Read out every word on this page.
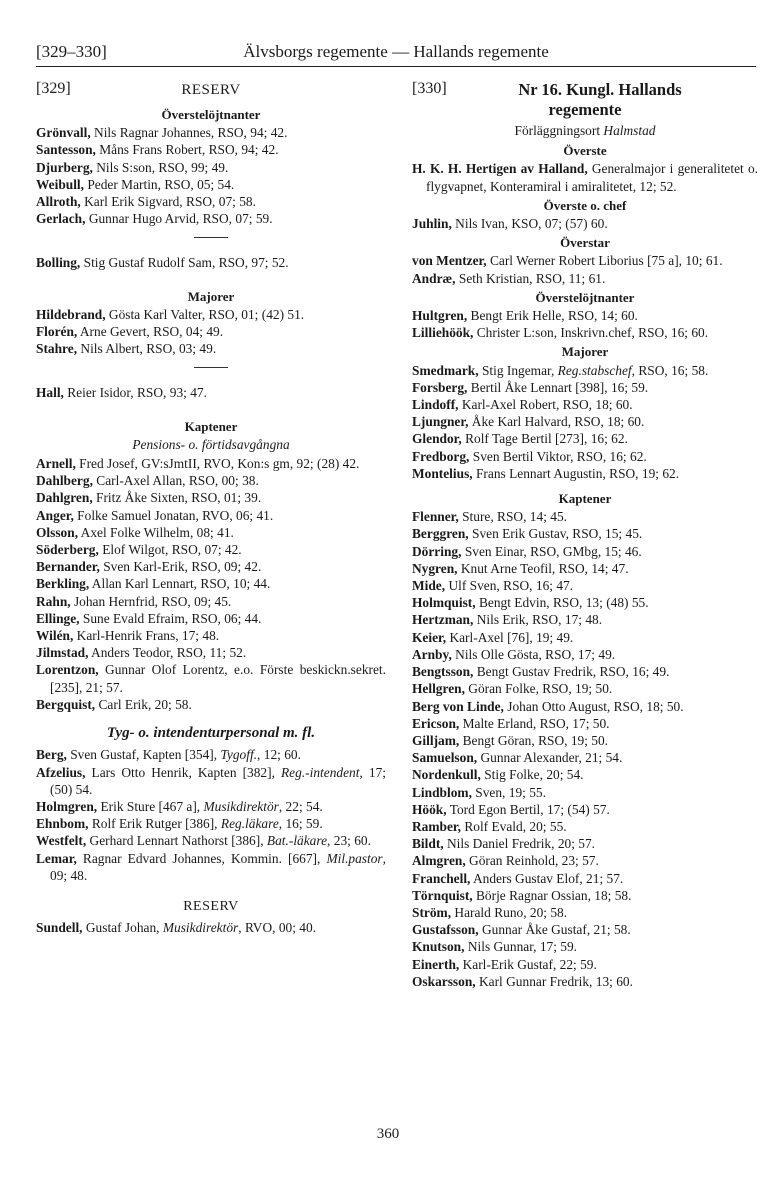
[329–330]	Älvsborgs regemente — Hallands regemente
[329]	RESERV
Överstelöjtnanter
Grönvall, Nils Ragnar Johannes, RSO, 94; 42.
Santesson, Måns Frans Robert, RSO, 94; 42.
Djurberg, Nils S:son, RSO, 99; 49.
Weibull, Peder Martin, RSO, 05; 54.
Allroth, Karl Erik Sigvard, RSO, 07; 58.
Gerlach, Gunnar Hugo Arvid, RSO, 07; 59.
Bolling, Stig Gustaf Rudolf Sam, RSO, 97; 52.
Majorer
Hildebrand, Gösta Karl Valter, RSO, 01; (42) 51.
Florén, Arne Gevert, RSO, 04; 49.
Stahre, Nils Albert, RSO, 03; 49.
Hall, Reier Isidor, RSO, 93; 47.
Kaptener
Pensions- o. förtidsavgångna
Arnell, Fred Josef, GV:sJmtII, RVO, Kon:s gm, 92; (28) 42.
Dahlberg, Carl-Axel Allan, RSO, 00; 38.
Dahlgren, Fritz Åke Sixten, RSO, 01; 39.
Anger, Folke Samuel Jonatan, RVO, 06; 41.
Olsson, Axel Folke Wilhelm, 08; 41.
Söderberg, Elof Wilgot, RSO, 07; 42.
Bernander, Sven Karl-Erik, RSO, 09; 42.
Berkling, Allan Karl Lennart, RSO, 10; 44.
Rahn, Johan Hernfrid, RSO, 09; 45.
Ellinge, Sune Evald Efraim, RSO, 06; 44.
Wilén, Karl-Henrik Frans, 17; 48.
Jilmstad, Anders Teodor, RSO, 11; 52.
Lorentzon, Gunnar Olof Lorentz, e.o. Förste beskickn.sekret. [235], 21; 57.
Bergquist, Carl Erik, 20; 58.
Tyg- o. intendenturpersonal m. fl.
Berg, Sven Gustaf, Kapten [354], Tygoff., 12; 60.
Afzelius, Lars Otto Henrik, Kapten [382], Reg.-intendent, 17; (50) 54.
Holmgren, Erik Sture [467 a], Musikdirektör, 22; 54.
Ehnbom, Rolf Erik Rutger [386], Reg.läkare, 16; 59.
Westfelt, Gerhard Lennart Nathorst [386], Bat.-läkare, 23; 60.
Lemar, Ragnar Edvard Johannes, Kommin. [667], Mil.pastor, 09; 48.
RESERV
Sundell, Gustaf Johan, Musikdirektör, RVO, 00; 40.
[330]	Nr 16. Kungl. Hallands
regemente
Förläggningsort Halmstad
Överste
H. K. H. Hertigen av Halland, Generalmajor i generalitetet o. flygvapnet, Konteramiral i amiralitetet, 12; 52.
Överste o. chef
Juhlin, Nils Ivan, KSO, 07; (57) 60.
Överstar
von Mentzer, Carl Werner Robert Liborius [75 a], 10; 61.
Andræ, Seth Kristian, RSO, 11; 61.
Överstelöjtnanter
Hultgren, Bengt Erik Helle, RSO, 14; 60.
Lilliehöök, Christer L:son, Inskrivn.chef, RSO, 16; 60.
Majorer
Smedmark, Stig Ingemar, Reg.stabschef, RSO, 16; 58.
Forsberg, Bertil Åke Lennart [398], 16; 59.
Lindoff, Karl-Axel Robert, RSO, 18; 60.
Ljungner, Åke Karl Halvard, RSO, 18; 60.
Glendor, Rolf Tage Bertil [273], 16; 62.
Fredborg, Sven Bertil Viktor, RSO, 16; 62.
Montelius, Frans Lennart Augustin, RSO, 19; 62.
Kaptener
Flenner, Sture, RSO, 14; 45.
Berggren, Sven Erik Gustav, RSO, 15; 45.
Dörring, Sven Einar, RSO, GMbg, 15; 46.
Nygren, Knut Arne Teofil, RSO, 14; 47.
Mide, Ulf Sven, RSO, 16; 47.
Holmquist, Bengt Edvin, RSO, 13; (48) 55.
Hertzman, Nils Erik, RSO, 17; 48.
Keier, Karl-Axel [76], 19; 49.
Arnby, Nils Olle Gösta, RSO, 17; 49.
Bengtsson, Bengt Gustav Fredrik, RSO, 16; 49.
Hellgren, Göran Folke, RSO, 19; 50.
Berg von Linde, Johan Otto August, RSO, 18; 50.
Ericson, Malte Erland, RSO, 17; 50.
Gilljam, Bengt Göran, RSO, 19; 50.
Samuelson, Gunnar Alexander, 21; 54.
Nordenkull, Stig Folke, 20; 54.
Lindblom, Sven, 19; 55.
Höök, Tord Egon Bertil, 17; (54) 57.
Ramber, Rolf Evald, 20; 55.
Bildt, Nils Daniel Fredrik, 20; 57.
Almgren, Göran Reinhold, 23; 57.
Franchell, Anders Gustav Elof, 21; 57.
Törnquist, Börje Ragnar Ossian, 18; 58.
Ström, Harald Runo, 20; 58.
Gustafsson, Gunnar Åke Gustaf, 21; 58.
Knutson, Nils Gunnar, 17; 59.
Einerth, Karl-Erik Gustaf, 22; 59.
Oskarsson, Karl Gunnar Fredrik, 13; 60.
360
